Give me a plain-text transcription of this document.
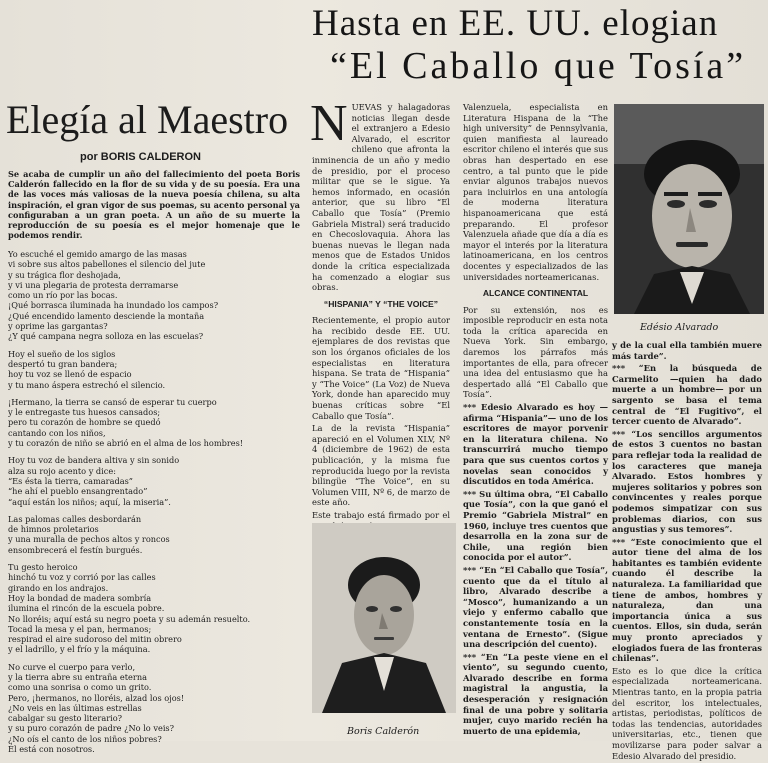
Hasta en EE. UU. elogian
“El Caballo que Tosía”
Elegía al Maestro
por BORIS CALDERON
Se acaba de cumplir un año del fallecimiento del poeta Boris Calderón fallecido en la flor de su vida y de su poesía. Era una de las voces más valiosas de la nueva poesía chilena, su alta inspiración, el gran vigor de sus poemas, su acento personal ya configuraban a un gran poeta. A un año de su muerte la reproducción de su poesía es el mejor homenaje que le podemos rendir.
Yo escuché el gemido amargo de las masas
vi sobre sus altos pabellones el silencio del jute
y su trágica flor deshojada,
y vi una plegaria de protesta derramarse
como un río por las bocas.
¡Qué borrasca iluminada ha inundado los campos?
¿Qué encendido lamento desciende la montaña
y oprime las gargantas?
¿Y qué campana negra solloza en las escuelas?
Hoy el sueño de los siglos
despertó tu gran bandera;
hoy tu voz se llenó de espacio
y tu mano áspera estrechó el silencio.
¡Hermano, la tierra se cansó de esperar tu cuerpo
y le entregaste tus huesos cansados;
pero tu corazón de hombre se quedó
cantando con los niños,
y tu corazón de niño se abrió en el alma de los hombres!
Hoy tu voz de bandera altiva y sin sonido
alza su rojo acento y dice:
“Es ésta la tierra, camaradas”
“he ahí el pueblo ensangrentado”
“aquí están los niños; aquí, la miseria”.
Las palomas calles desbordarán
de himnos proletarios
y una muralla de pechos altos y roncos
ensombrecerá el festín burgués.
Tu gesto heroico
hinchó tu voz y corrió por las calles
girando en los andrajos.
Hoy la bondad de madera sombría
ilumina el rincón de la escuela pobre.
No lloréis; aquí está su negro poeta y su ademán resuelto.
Tocad la mesa y el pan, hermanos;
respirad el aire sudoroso del mitin obrero
y el ladrillo, y el frío y la máquina.
No curve el cuerpo para verlo,
y la tierra abre su entraña eterna
como una sonrisa o como un grito.
Pero, ¡hermanos, no lloréis, alzad los ojos!
¿No veis en las últimas estrellas
cabalgar su gesto literario?
y su puro corazón de padre ¿No lo veis?
¿No oís el canto de los niños pobres?
Él está con nosotros.
N UEVAS y halagadoras noticias llegan desde el extranjero a Edesio Alvarado, el escritor chileno que afronta la inminencia de un año y medio de presidio, por el proceso militar que se le sigue. Ya hemos informado, en ocasión anterior, que su libro “El Caballo que Tosía” (Premio Gabriela Mistral) será traducido en Checoslovaquia. Ahora las buenas nuevas le llegan nada menos que de Estados Unidos donde la crítica especializada ha comenzado a elogiar sus obras.

“HISPANIA” Y “THE VOICE”

Recientemente, el propio autor ha recibido desde EE. UU. ejemplares de dos revistas que son los órganos oficiales de los especialistas en literatura hispana. Se trata de “Hispania” y “The Voice” (La Voz) de Nueva York, donde han aparecido muy buenas críticas sobre “El Caballo que Tosía”.

La de la revista “Hispania” apareció en el Volumen XLV, Nº 4 (diciembre de 1962) de esta publicación, y la misma fue reproducida luego por la revista bilingüe “The Voice”, en su Volumen VIII, Nº 6, de marzo de este año.

Este trabajo está firmado por el

Valenzuela, especialista en Literatura Hispana de la “The high university” de Pennsylvania, quien manifiesta al laureado escritor chileno el interés que sus obras han despertado en ese centro, a tal punto que le pide enviar algunos trabajos nuevos para incluirlos en una antología de moderna literatura hispanoamericana que está preparando. El profesor Valenzuela añade que día a día es mayor el interés por la literatura latinoamericana, en los centros docentes y especializados de las universidades norteamericanas.

ALCANCE CONTINENTAL

Por su extensión, nos es imposible reproducir en esta nota toda la crítica aparecida en Nueva York. Sin embargo, daremos los párrafos más importantes de ella, para ofrecer una idea del entusiasmo que ha despertado allá “El Caballo que Tosía”.

*** Edesio Alvarado es hoy —afirma “Hispania”— uno de los escritores de mayor porvenir en la literatura chilena. No transcurrirá mucho tiempo para que sus cuentos cortos y novelas sean conocidos y discutidos en toda América.

*** Su última obra, “El Caballo que Tosía”, con la que ganó el Premio “Gabriela Mistral” en 1960, incluye tres cuentos que desarrolla en la zona sur de Chile, una región bien conocida por el autor”.

*** “En “El Caballo que Tosía”, cuento que da el título al libro, Alvarado describe a “Mosco”, humanizando a un viejo y enfermo caballo que constantemente tosía en la ventana de Ernesto”. (Sigue una descripción del cuento).

*** “En “La peste viene en el viento”, su segundo cuento, Alvarado describe en forma magistral la angustia, la desesperación y resignación final de una pobre y solitaria mujer, cuyo marido recién ha muerto de una epidemia,

y de la cual ella también muere más tarde”.

*** “En la búsqueda de Carmelito —quien ha dado muerte a un hombre— por un sargento se basa el tema central de “El Fugitivo”, el tercer cuento de Alvarado”.

*** “Los sencillos argumentos de estos 3 cuentos no bastan para reflejar toda la realidad de los caracteres que maneja Alvarado. Estos hombres y mujeres solitarios y pobres son convincentes y reales porque podemos simpatizar con sus problemas diarios, con sus angustias y sus temores”.

*** “Este conocimiento que el autor tiene del alma de los habitantes es también evidente cuando él describe la naturaleza. La familiaridad que tiene de ambos, hombres y naturaleza, dan una importancia única a sus cuentos. Ellos, sin duda, serán muy pronto apreciados y elogiados fuera de las fronteras chilenas”.

Esto es lo que dice la crítica especializada norteamericana. Mientras tanto, en la propia patria del escritor, los intelectuales, artistas, periodistas, políticos de todas las tendencias, autoridades universitarias, etc., tienen que movilizarse para poder salvar a Edesio Alvarado del presidio.

Edésio Alvarado
Boris Calderón
